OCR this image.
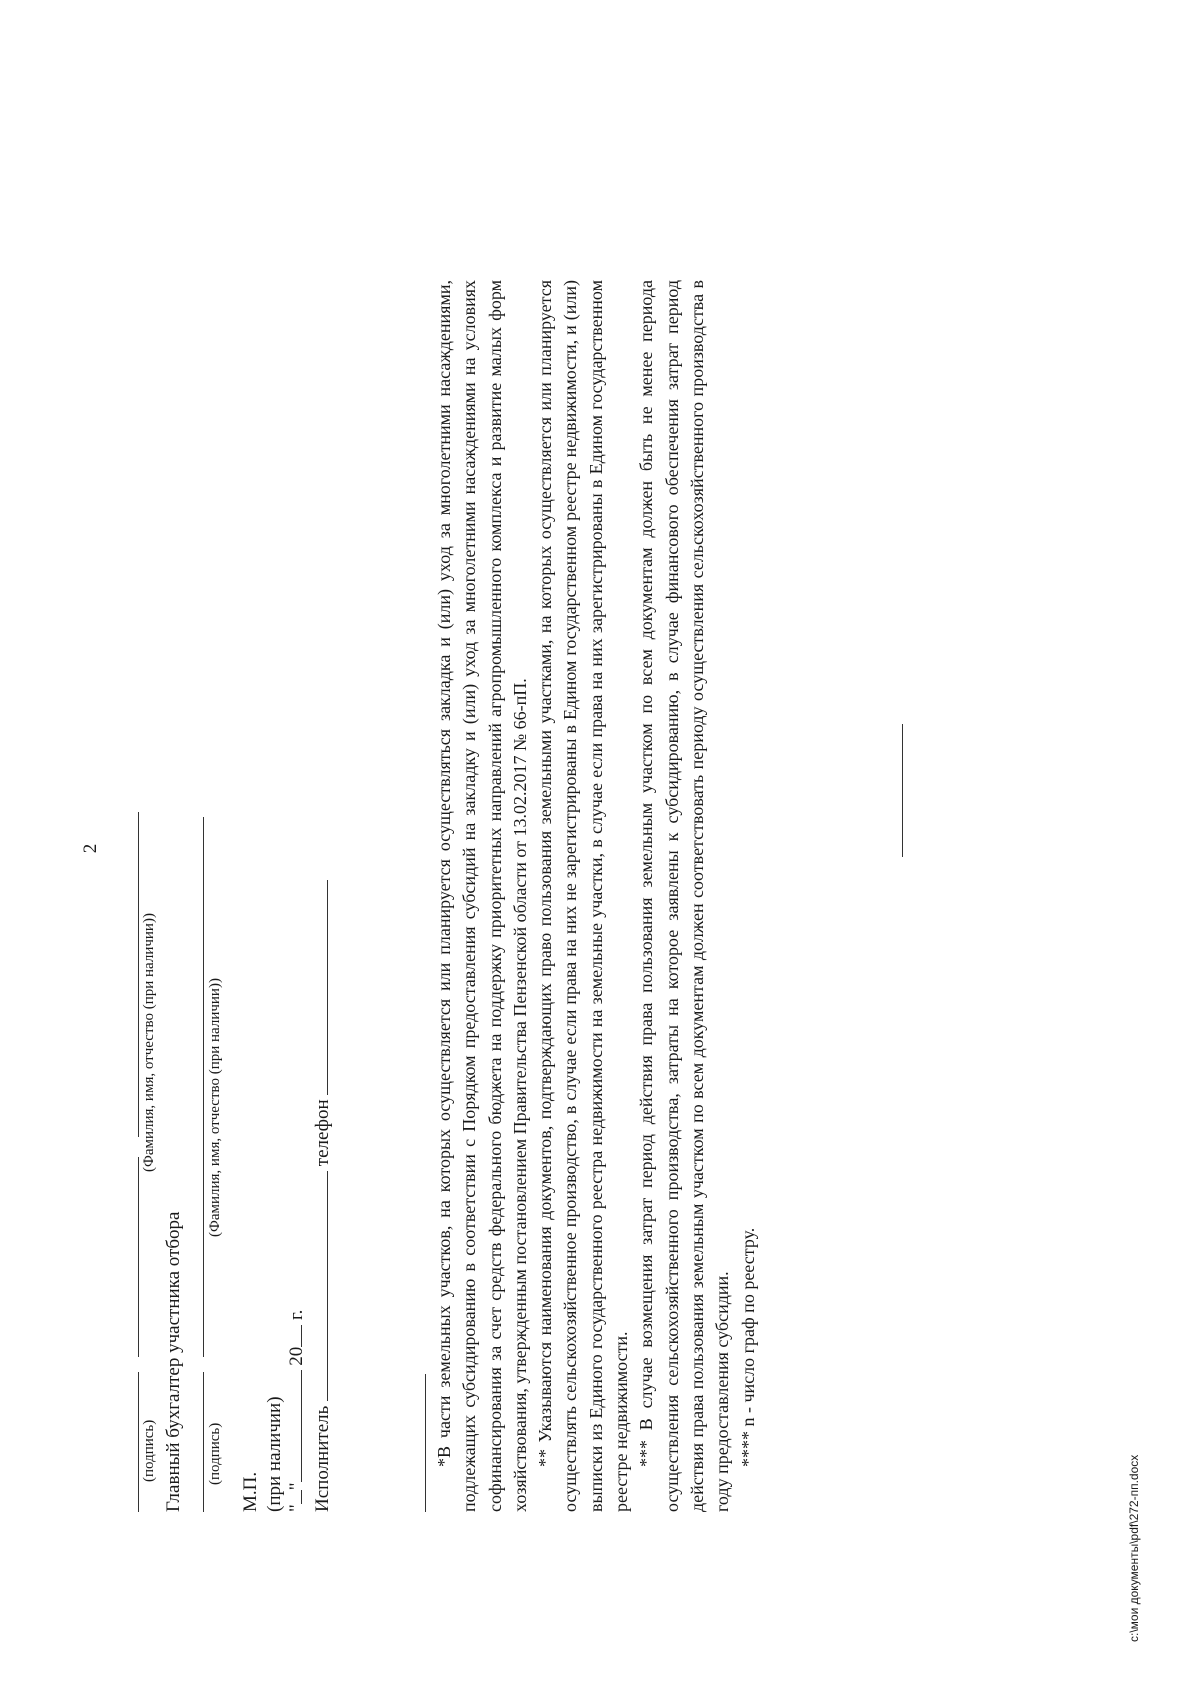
2
(подпись)
(Фамилия, имя, отчество (при наличии))
Главный бухгалтер участника отбора (подпись)
(Фамилия, имя, отчество (при наличии))
М.П. (при наличии) "" 20 г.
Исполнитель  телефон	*В части земельных участков, на которых осуществляется или планируется осуществляться закладка и (или) уход за многолетними насаждениями, подлежащих субсидированию в соответствии с Порядком предоставления субсидий на закладку и (или) уход за многолетними насаждениями на условиях софинансирования за счет средств федерального бюджета на поддержку приоритетных направлений агропромышленного комплекса и развитие малых форм хозяйствования, утвержденным постановлением Правительства Пензенской области от 13.02.2017 № 66-пП. ** Указываются наименования документов, подтверждающих право пользования земельными участками, на которых осуществляется или планируется осуществлять сельскохозяйственное производство, в случае если права на них не зарегистрированы в Едином государственном реестре недвижимости, и (или) выписки из Единого государственного реестра недвижимости на земельные участки, в случае если права на них зарегистрированы в Едином государственном реестре недвижимости. *** В случае возмещения затрат период действия права пользования земельным участком по всем документам должен быть не менее периода осуществления сельскохозяйственного производства, затраты на которое заявлены к субсидированию, в случае финансового обеспечения затрат период действия права пользования земельным участком по всем документам должен соответствовать периоду осуществления сельскохозяйственного производства в году предоставления субсидии. **** n - число граф по реестру.

c:\мои документы\pdf\272-пп.docx
